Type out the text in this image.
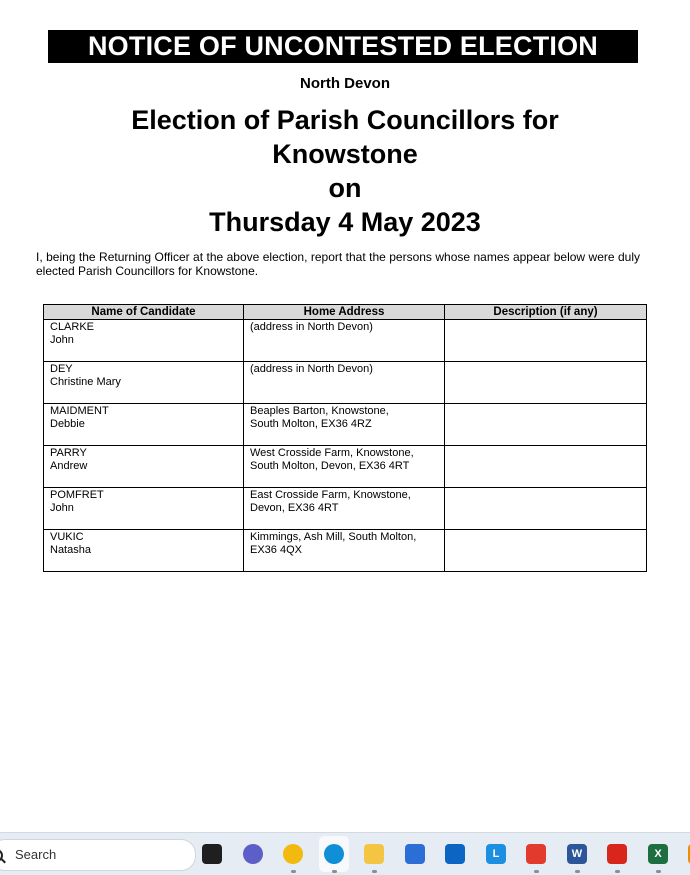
NOTICE OF UNCONTESTED ELECTION
North Devon
Election of Parish Councillors for
Knowstone
on
Thursday 4 May 2023
I, being the Returning Officer at the above election, report that the persons whose names appear below were duly elected Parish Councillors for Knowstone.
Name of Candidate	Home Address	Description (if any)

CLARKE
John	(address in North Devon)	

DEY
Christine Mary	(address in North Devon)	

MAIDMENT
Debbie	Beaples Barton, Knowstone,
South Molton, EX36 4RZ	

PARRY
Andrew	West Crosside Farm, Knowstone,
South Molton, Devon, EX36 4RT	

POMFRET
John	East Crosside Farm, Knowstone,
Devon, EX36 4RT	

VUKIC
Natasha	Kimmings, Ash Mill, South Molton,
EX36 4QX	

Search	L	W	X
